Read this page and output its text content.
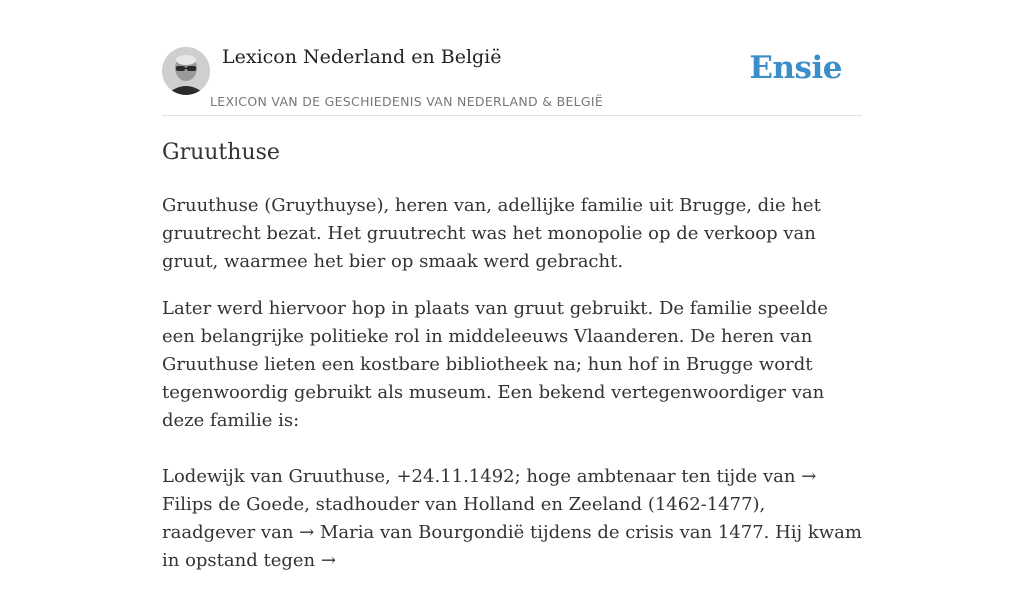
Lexicon Nederland en België
LEXICON VAN DE GESCHIEDENIS VAN NEDERLAND & BELGIË
Ensie
Gruuthuse

Gruuthuse (Gruythuyse), heren van, adellijke familie uit Brugge, die het gruutrecht bezat. Het gruutrecht was het monopolie op de verkoop van gruut, waarmee het bier op smaak werd gebracht.

Later werd hiervoor hop in plaats van gruut gebruikt. De familie speelde een belangrijke politieke rol in middeleeuws Vlaanderen. De heren van Gruuthuse lieten een kostbare bibliotheek na; hun hof in Brugge wordt tegenwoordig gebruikt als museum. Een bekend vertegenwoordiger van deze familie is:

Lodewijk van Gruuthuse, +24.11.1492; hoge ambtenaar ten tijde van → Filips de Goede, stadhouder van Holland en Zeeland (1462-1477), raadgever van → Maria van Bourgondië tijdens de crisis van 1477. Hij kwam in opstand tegen →
